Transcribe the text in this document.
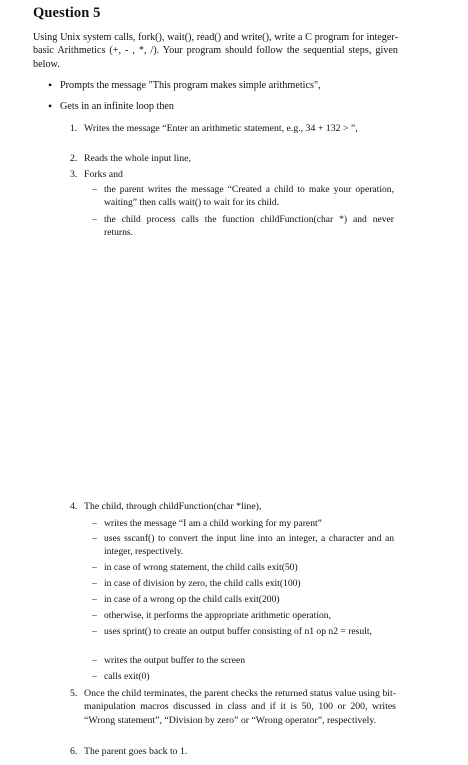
Question 5
Using Unix system calls, fork(), wait(), read() and write(), write a C program for integer- basic Arithmetics (+, - , *, /). Your program should follow the sequential steps, given below.
• Prompts the message "This program makes simple arithmetics",
• Gets in an infinite loop then
1. Writes the message “Enter an arithmetic statement, e.g., 34 + 132 > ”,
2. Reads the whole input line,
3. Forks and
– the parent writes the message “Created a child to make your operation, waiting” then calls wait() to wait for its child.
– the child process calls the function childFunction(char *) and never returns.
4. The child, through childFunction(char *line),
– writes the message “I am a child working for my parent”
– uses sscanf() to convert the input line into an integer, a character and an integer, respectively.
– in case of wrong statement, the child calls exit(50)
– in case of division by zero, the child calls exit(100)
– in case of a wrong op the child calls exit(200)
– otherwise, it performs the appropriate arithmetic operation,
– uses sprint() to create an output buffer consisting of n1 op n2 = result,
– writes the output buffer to the screen
– calls exit(0)
5. Once the child terminates, the parent checks the returned status value using bit-manipulation macros discussed in class and if it is 50, 100 or 200, writes “Wrong statement”, “Division by zero” or “Wrong operator”, respectively.
6. The parent goes back to 1.
